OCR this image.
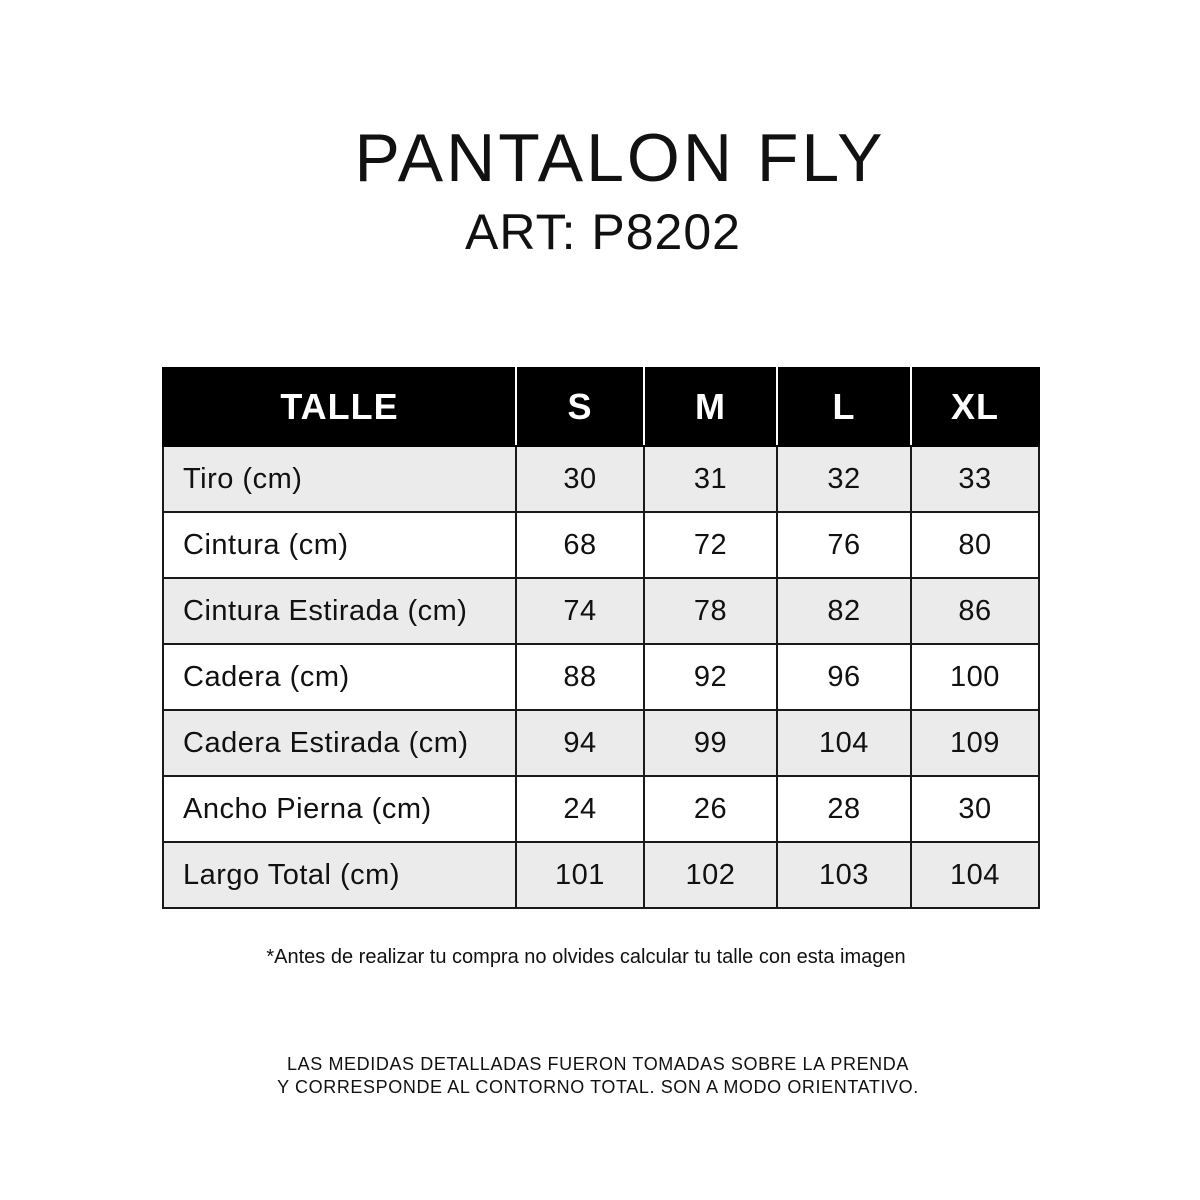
PANTALON FLY
ART: P8202
TALLE	S	M	L	XL
Tiro (cm)	30	31	32	33
Cintura (cm)	68	72	76	80
Cintura Estirada (cm)	74	78	82	86
Cadera (cm)	88	92	96	100
Cadera Estirada (cm)	94	99	104	109
Ancho Pierna (cm)	24	26	28	30
Largo Total (cm)	101	102	103	104

*Antes de realizar tu compra no olvides calcular tu talle con esta imagen

LAS MEDIDAS DETALLADAS FUERON TOMADAS SOBRE LA PRENDA
Y CORRESPONDE AL CONTORNO TOTAL. SON A MODO ORIENTATIVO.
